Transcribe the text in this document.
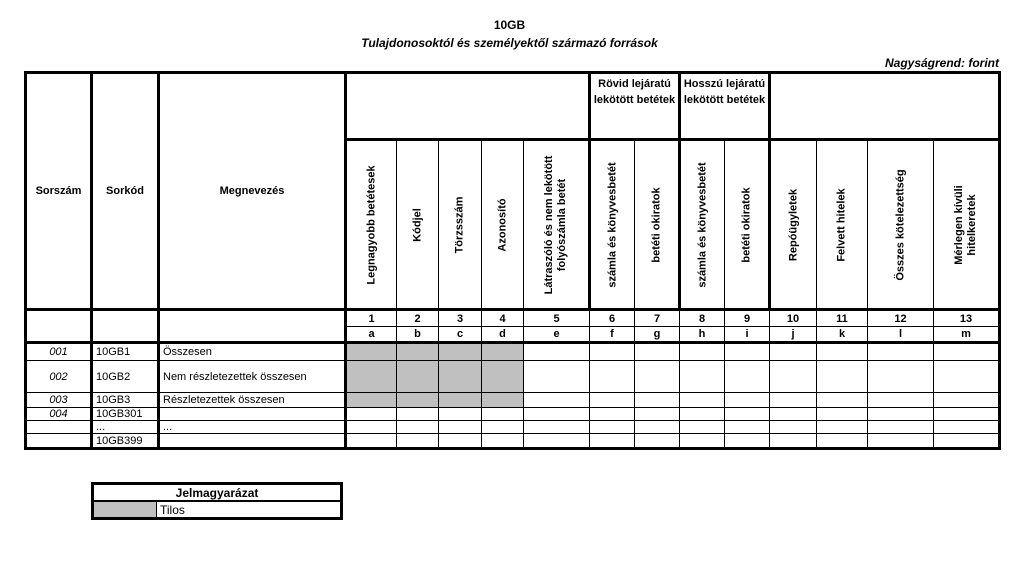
10GB
Tulajdonosoktól és személyektől származó források
Nagyságrend: forint
Sorszám	Sorkód	Megnevezés						Rövid lejáratú lekötött betétek		Hosszú lejáratú lekötött betétek					

			Legnagyobb betétesek	Kódjel	Törzsszám	Azonosító	Látraszóló és nem lekötött folyószámla betét	számla és könyvesbetét	betéti okiratok	számla és könyvesbetét	betéti okiratok	Repóügyletek	Felvett hitelek	Összes kötelezettség	Mérlegen kívüli hitelkeretek

			1	2	3	4	5	6	7	8	9	10	11	12	13
			a	b	c	d	e	f	g	h	i	j	k	l	m
001	10GB1	Összesen													
002	10GB2	Nem részletezettek összesen													
003	10GB3	Részletezettek összesen													
004	10GB301														
	...	...													
	10GB399														
Jelmagyarázat
	Tilos
